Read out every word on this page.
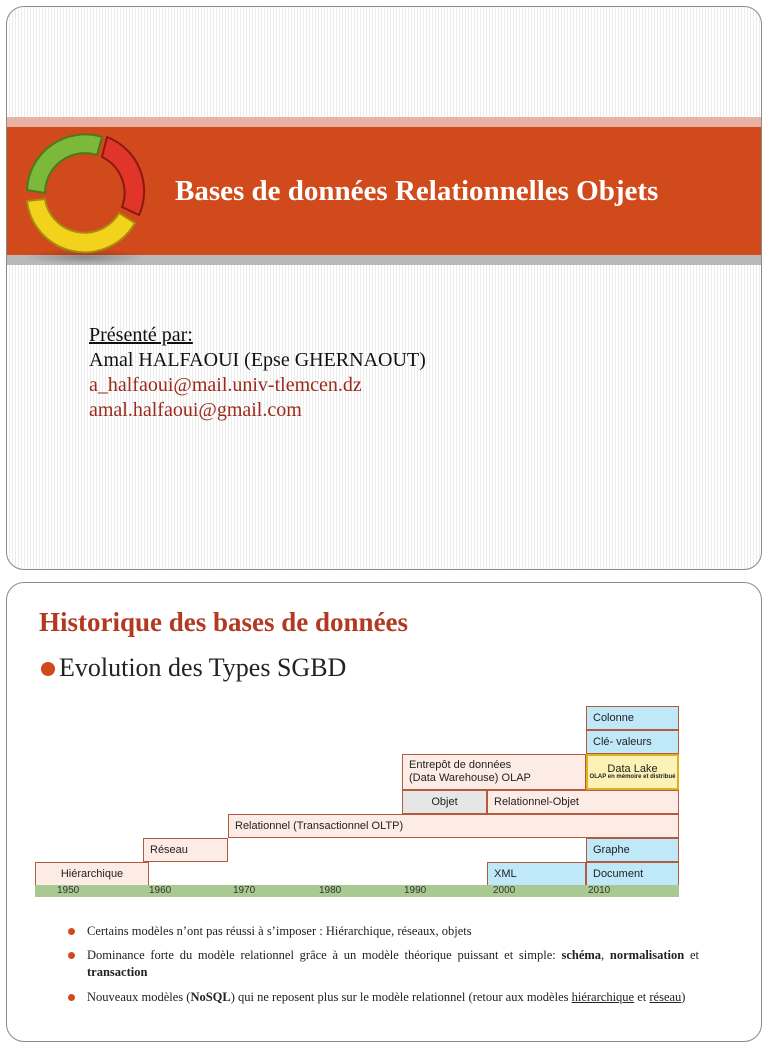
Bases de données Relationnelles Objets
Présenté par:
Amal HALFAOUI (Epse GHERNAOUT)
a_halfaoui@mail.univ-tlemcen.dz
amal.halfaoui@gmail.com
Historique des bases de données
Evolution des Types SGBD
Colonne
Clé- valeurs
Entrepôt de données
(Data Warehouse) OLAP
Data Lake
OLAP en mémoire et distribué
Objet	Relationnel-Objet
Relationnel (Transactionnel OLTP)
Réseau	Graphe
Hiérarchique	XML	Document
1950	1960	1970	1980	1990	2000	2010
Certains modèles n’ont pas réussi à s’imposer : Hiérarchique, réseaux, objets
Dominance forte du modèle relationnel grâce à un modèle théorique puissant et simple: schéma, normalisation et transaction
Nouveaux modèles (NoSQL) qui ne reposent plus sur le modèle relationnel (retour aux modèles hiérarchique et réseau)
